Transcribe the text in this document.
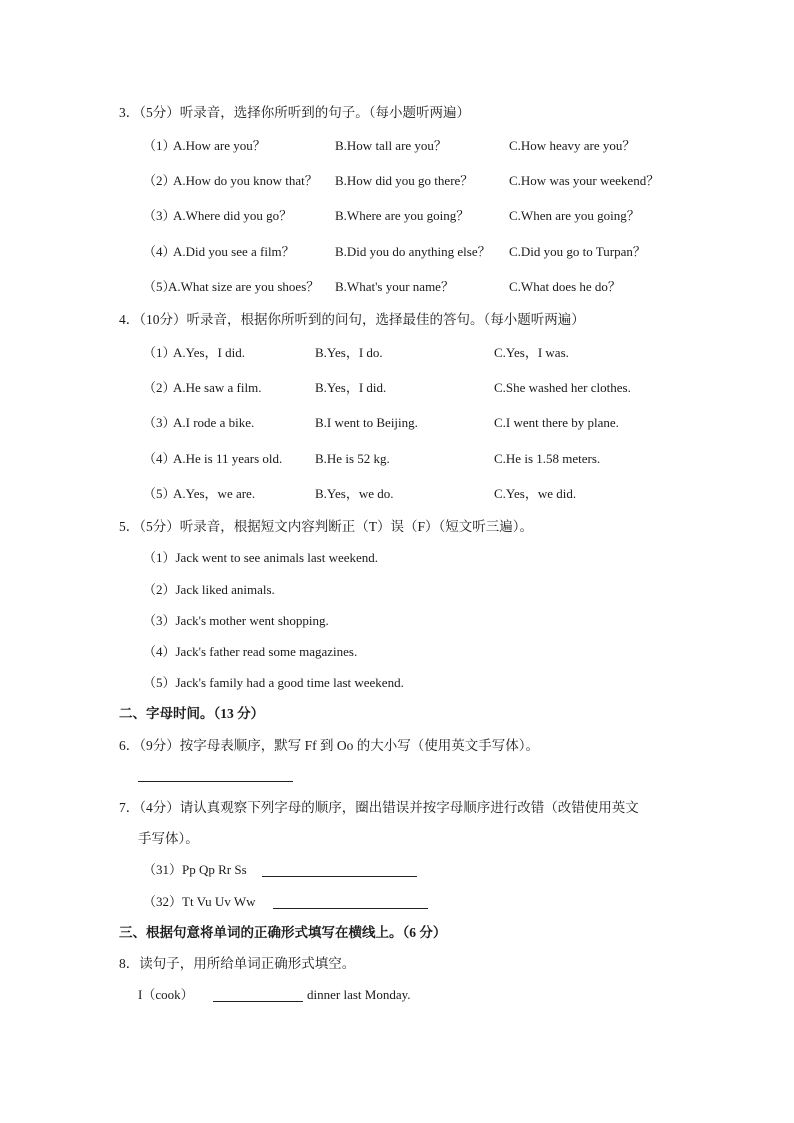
3．（5分）听录音，选择你所听到的句子。（每小题听两遍）
（1）
A.How are you？	B.How tall are you？	C.How heavy are you？
（2）
A.How do you know that？ B.How did you go there？	C.How was your weekend？
（3）
A.Where did you go？	B.Where are you going？	C.When are you going？
（4）
A.Did you see a film？	B.Did you do anything else？ C.Did you go to Turpan？
（5）
A.What size are you shoes？ B.What's your name？	C.What does he do？
4．（10分）听录音，根据你所听到的问句，选择最佳的答句。（每小题听两遍）
（1）
A.Yes，I did.	B.Yes，I do.	C.Yes，I was.
（2）
A.He saw a film.	B.Yes，I did.	C.She washed her clothes.
（3）
A.I rode a bike.	B.I went to Beijing.	C.I went there by plane.
（4）
A.He is 11 years old.	B.He is 52 kg.	C.He is 1.58 meters.
（5）
A.Yes，we are.	B.Yes，we do.	C.Yes，we did.
5．（5分）听录音，根据短文内容判断正（T）误（F）（短文听三遍）。
（1）Jack went to see animals last weekend.
（2）Jack liked animals.
（3）Jack's mother went shopping.
（4）Jack's father read some magazines.
（5）Jack's family had a good time last weekend.
二、字母时间。（13 分）
6．（9分）按字母表顺序，默写 Ff 到 Oo 的大小写（使用英文手写体）。
7．（4分）请认真观察下列字母的顺序，圈出错误并按字母顺序进行改错（改错使用英文
手写体）。
（31）Pp Qp Rr Ss
（32）Tt Vu Uv Ww
三、根据句意将单词的正确形式填写在横线上。（6 分）
8．读句子，用所给单词正确形式填空。
I（cook）	dinner last Monday.
